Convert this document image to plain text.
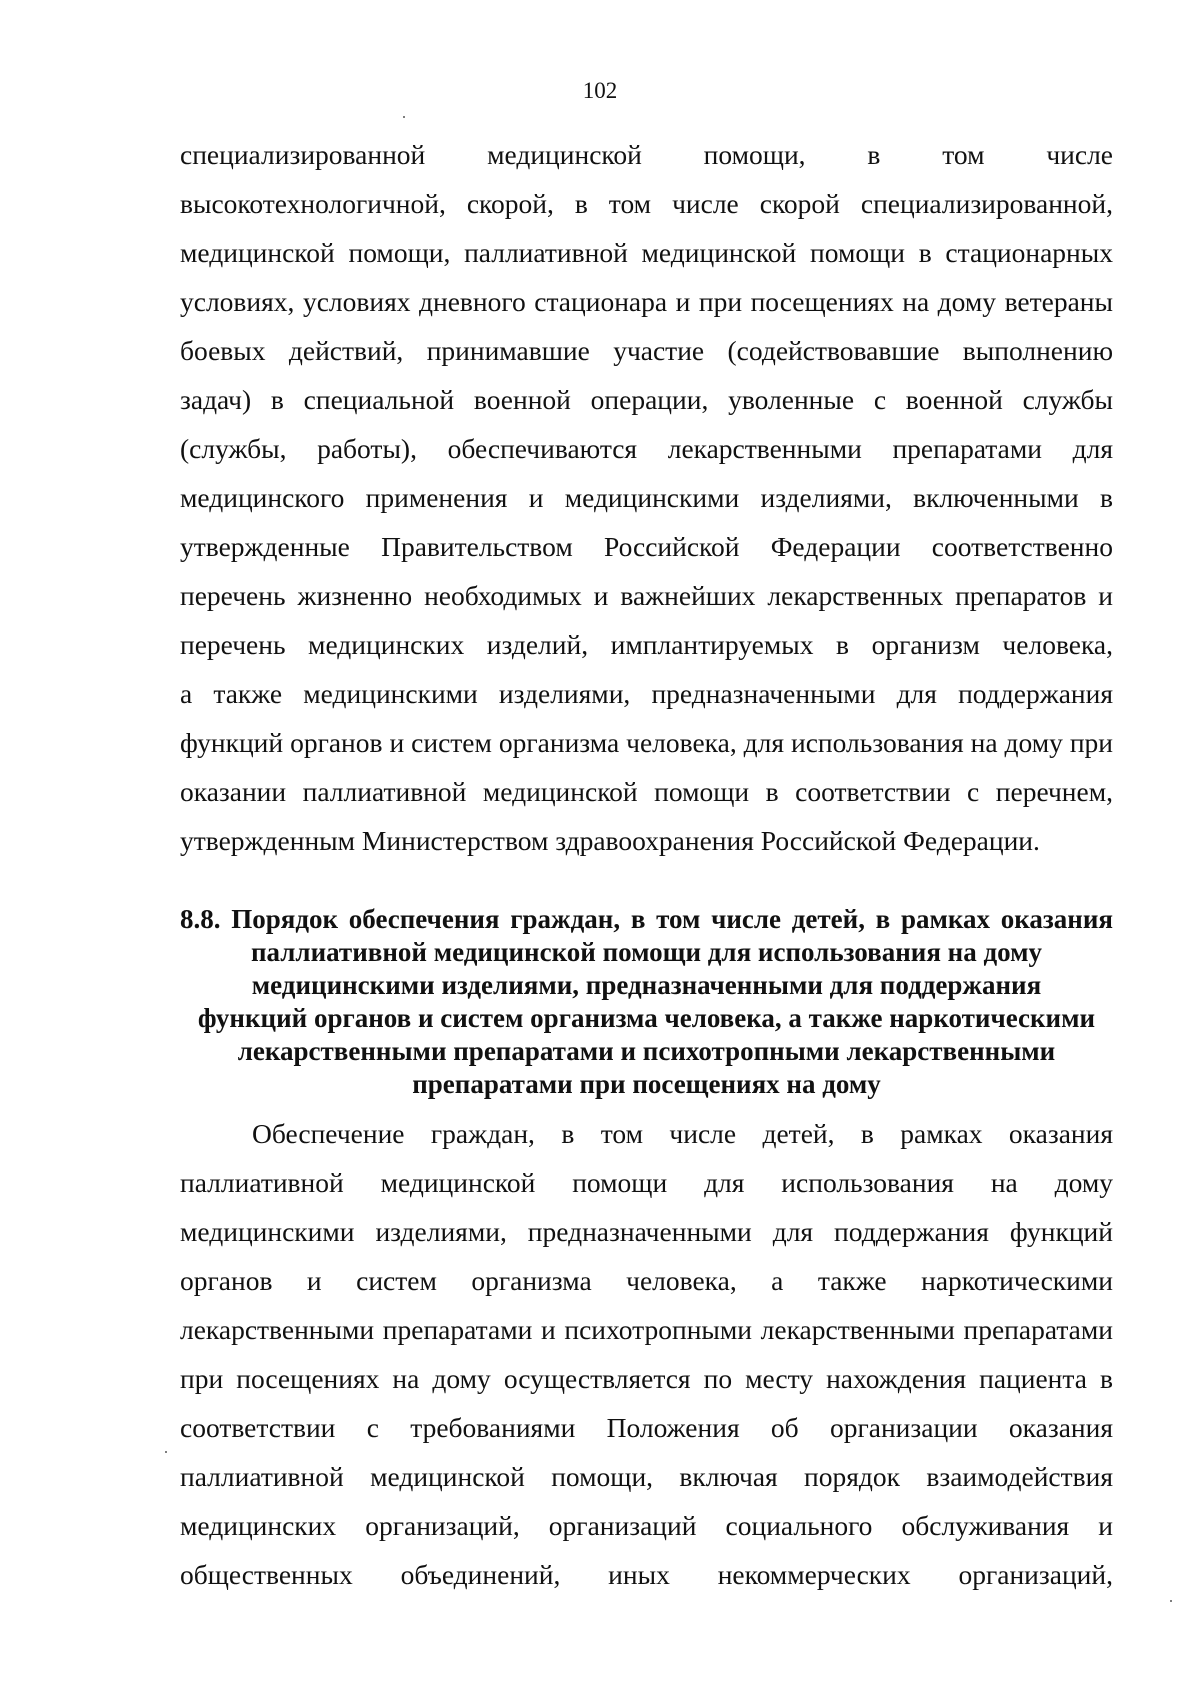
102
специализированной медицинской помощи, в том числе
высокотехнологичной, скорой, в том числе скорой специализированной,
медицинской помощи, паллиативной медицинской помощи в стационарных
условиях, условиях дневного стационара и при посещениях на дому ветераны
боевых действий, принимавшие участие (содействовавшие выполнению
задач) в специальной военной операции, уволенные с военной службы
(службы, работы), обеспечиваются лекарственными препаратами для
медицинского применения и медицинскими изделиями, включенными в
утвержденные Правительством Российской Федерации соответственно
перечень жизненно необходимых и важнейших лекарственных препаратов и
перечень медицинских изделий, имплантируемых в организм человека,
а также медицинскими изделиями, предназначенными для поддержания
функций органов и систем организма человека, для использования на дому при
оказании паллиативной медицинской помощи в соответствии с перечнем,
утвержденным Министерством здравоохранения Российской Федерации.
8.8. Порядок обеспечения граждан, в том числе детей, в рамках оказания
паллиативной медицинской помощи для использования на дому
медицинскими изделиями, предназначенными для поддержания
функций органов и систем организма человека, а также наркотическими
лекарственными препаратами и психотропными лекарственными
препаратами при посещениях на дому
Обеспечение граждан, в том числе детей, в рамках оказания
паллиативной медицинской помощи для использования на дому
медицинскими изделиями, предназначенными для поддержания функций
органов и систем организма человека, а также наркотическими
лекарственными препаратами и психотропными лекарственными препаратами
при посещениях на дому осуществляется по месту нахождения пациента в
соответствии с требованиями Положения об организации оказания
паллиативной медицинской помощи, включая порядок взаимодействия
медицинских организаций, организаций социального обслуживания и
общественных объединений, иных некоммерческих организаций,
